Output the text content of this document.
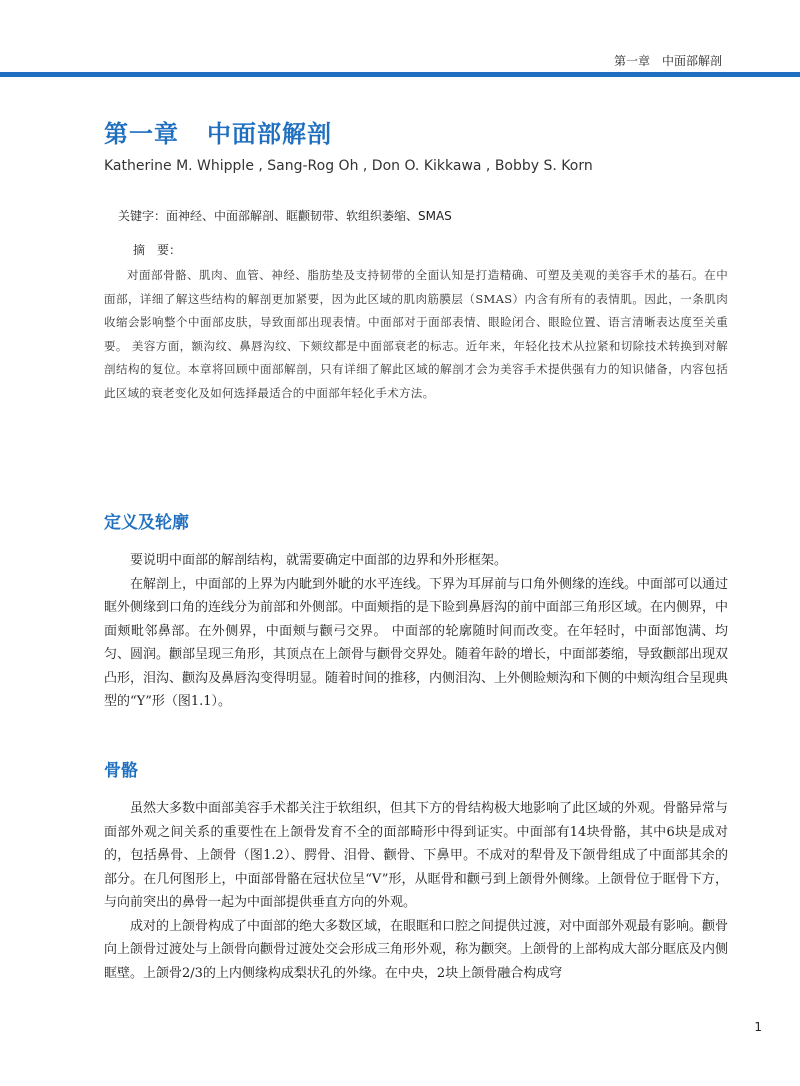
第一章　中面部解剖
第一章 中面部解剖
Katherine M. Whipple , Sang-Rog Oh , Don O. Kikkawa , Bobby S. Korn
关键字：面神经、中面部解剖、眶颧韧带、软组织萎缩、SMAS
摘　要：

对面部骨骼、肌肉、血管、神经、脂肪垫及支持韧带的全面认知是打造精确、可塑及美观的美容手术的基石。在中面部，详细了解这些结构的解剖更加紧要，因为此区域的肌肉筋膜层（SMAS）内含有所有的表情肌。因此，一条肌肉收缩会影响整个中面部皮肤，导致面部出现表情。中面部对于面部表情、眼睑闭合、眼睑位置、语言清晰表达度至关重要。 美容方面，额沟纹、鼻唇沟纹、下颏纹都是中面部衰老的标志。近年来，年轻化技术从拉紧和切除技术转换到对解剖结构的复位。本章将回顾中面部解剖，只有详细了解此区域的解剖才会为美容手术提供强有力的知识储备，内容包括此区域的衰老变化及如何选择最适合的中面部年轻化手术方法。

定义及轮廓

要说明中面部的解剖结构，就需要确定中面部的边界和外形框架。

在解剖上，中面部的上界为内眦到外眦的水平连线。下界为耳屏前与口角外侧缘的连线。中面部可以通过眶外侧缘到口角的连线分为前部和外侧部。中面颊指的是下睑到鼻唇沟的前中面部三角形区域。在内侧界，中面颊毗邻鼻部。在外侧界，中面颊与颧弓交界。 中面部的轮廓随时间而改变。在年轻时，中面部饱满、均匀、圆润。颧部呈现三角形，其顶点在上颌骨与颧骨交界处。随着年龄的增长，中面部萎缩，导致颧部出现双凸形，泪沟、颧沟及鼻唇沟变得明显。随着时间的推移，内侧泪沟、上外侧睑颊沟和下侧的中颊沟组合呈现典型的“Y”形（图1.1）。

骨骼

虽然大多数中面部美容手术都关注于软组织，但其下方的骨结构极大地影响了此区域的外观。骨骼异常与面部外观之间关系的重要性在上颌骨发育不全的面部畸形中得到证实。中面部有14块骨骼，其中6块是成对的，包括鼻骨、上颌骨（图1.2）、腭骨、泪骨、颧骨、下鼻甲。不成对的犁骨及下颌骨组成了中面部其余的部分。在几何图形上，中面部骨骼在冠状位呈“V”形，从眶骨和颧弓到上颌骨外侧缘。上颌骨位于眶骨下方，与向前突出的鼻骨一起为中面部提供垂直方向的外观。

成对的上颌骨构成了中面部的绝大多数区域，在眼眶和口腔之间提供过渡，对中面部外观最有影响。颧骨向上颌骨过渡处与上颌骨向颧骨过渡处交会形成三角形外观，称为颧突。上颌骨的上部构成大部分眶底及内侧眶壁。上颌骨2/3的上内侧缘构成梨状孔的外缘。在中央，2块上颌骨融合构成穹

1
